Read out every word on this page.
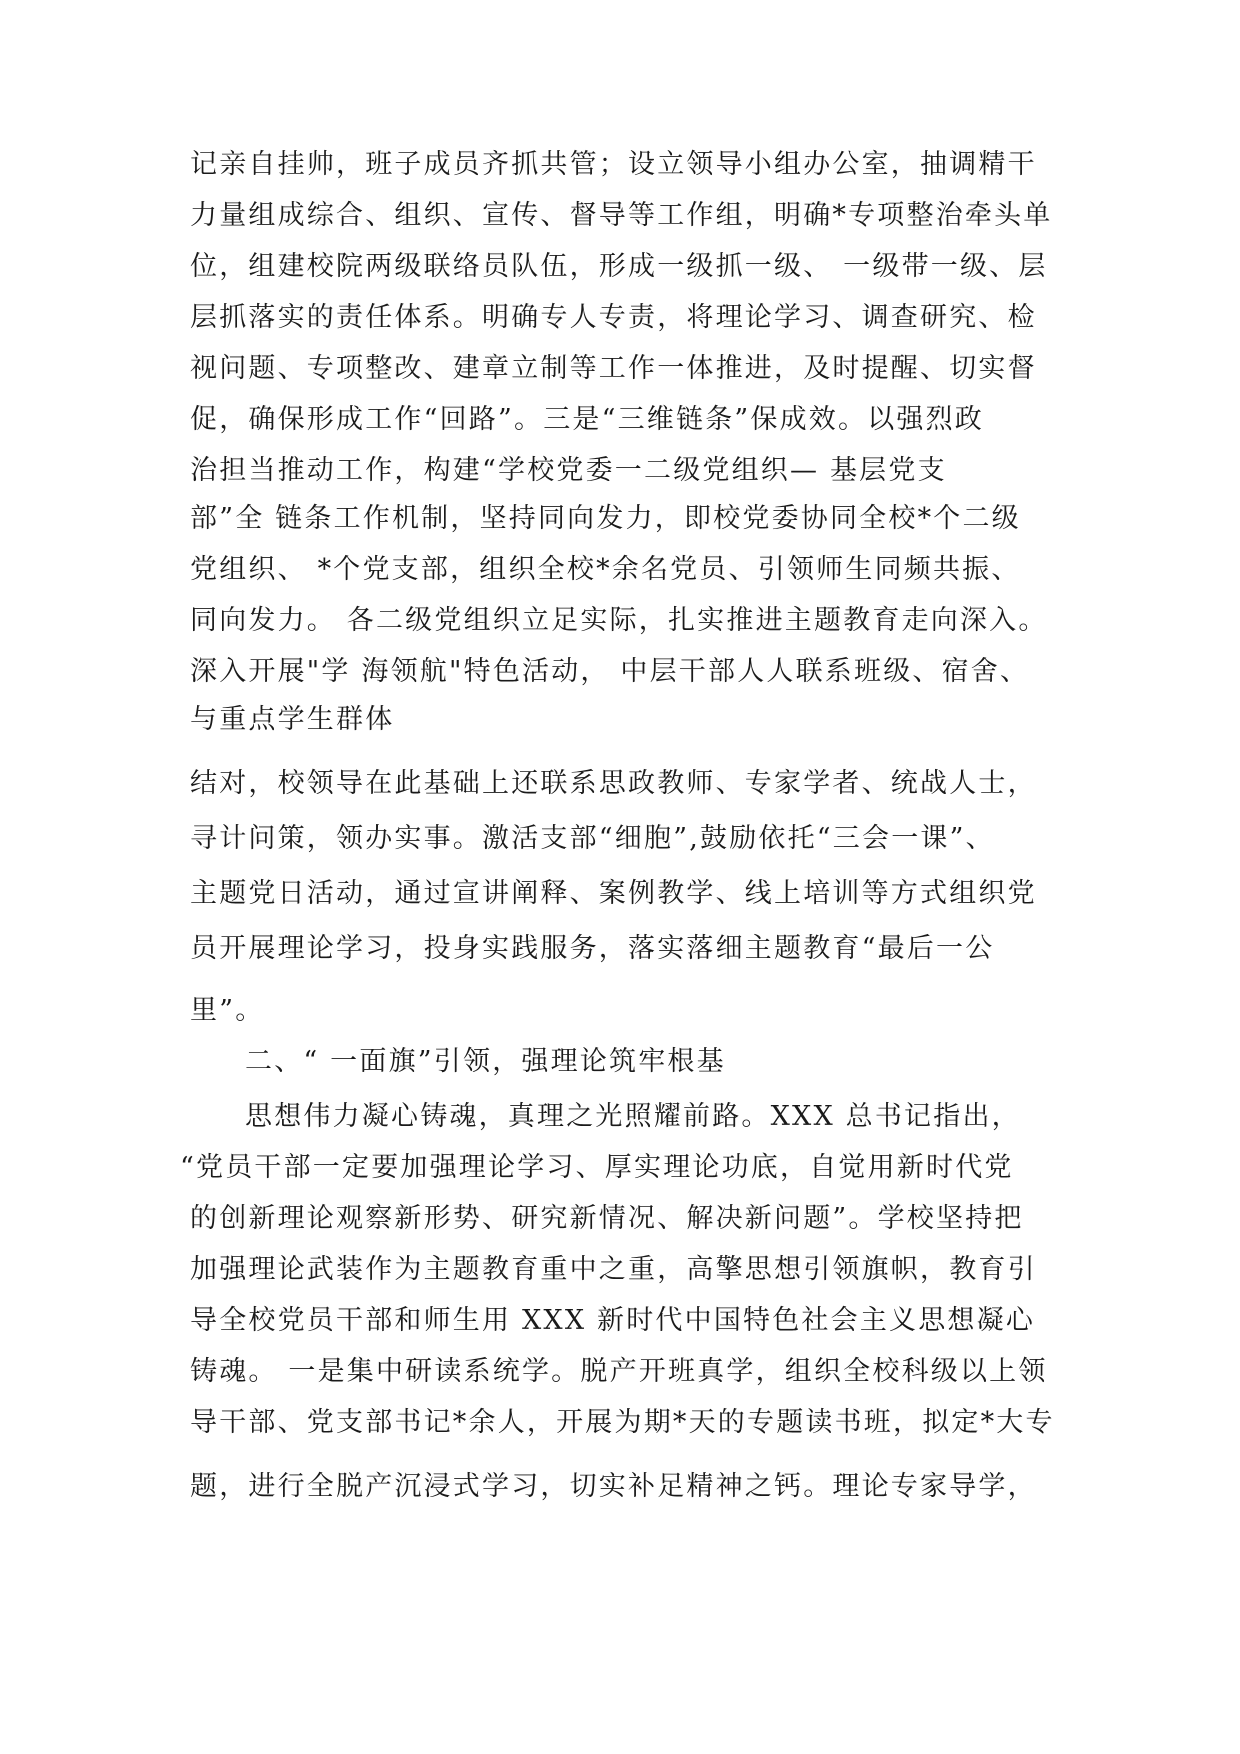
记亲自挂帅，班子成员齐抓共管；设立领导小组办公室，抽调精干
力量组成综合、组织、宣传、督导等工作组，明确*专项整治牵头单
位，组建校院两级联络员队伍，形成一级抓一级、 一级带一级、层
层抓落实的责任体系。明确专人专责，将理论学习、调查研究、检
视问题、专项整改、建章立制等工作一体推进，及时提醒、切实督
促，确保形成工作“回路”。三是“三维链条”保成效。以强烈政
治担当推动工作，构建“学校党委一二级党组织— 基层党支
部”全 链条工作机制，坚持同向发力，即校党委协同全校*个二级
党组织、 *个党支部，组织全校*余名党员、引领师生同频共振、
同向发力。 各二级党组织立足实际，扎实推进主题教育走向深入。
深入开展"学 海领航"特色活动， 中层干部人人联系班级、宿舍、
与重点学生群体
结对，校领导在此基础上还联系思政教师、专家学者、统战人士，
寻计问策，领办实事。激活支部“细胞”,鼓励依托“三会一课”、
主题党日活动，通过宣讲阐释、案例教学、线上培训等方式组织党
员开展理论学习，投身实践服务，落实落细主题教育“最后一公
里”。
二、“ 一面旗”引领，强理论筑牢根基
思想伟力凝心铸魂，真理之光照耀前路。XXX 总书记指出，
“党员干部一定要加强理论学习、厚实理论功底，自觉用新时代党
的创新理论观察新形势、研究新情况、解决新问题”。学校坚持把
加强理论武装作为主题教育重中之重，高擎思想引领旗帜，教育引
导全校党员干部和师生用 XXX 新时代中国特色社会主义思想凝心
铸魂。 一是集中研读系统学。脱产开班真学，组织全校科级以上领
导干部、党支部书记*余人，开展为期*天的专题读书班，拟定*大专
题，进行全脱产沉浸式学习，切实补足精神之钙。理论专家导学，
